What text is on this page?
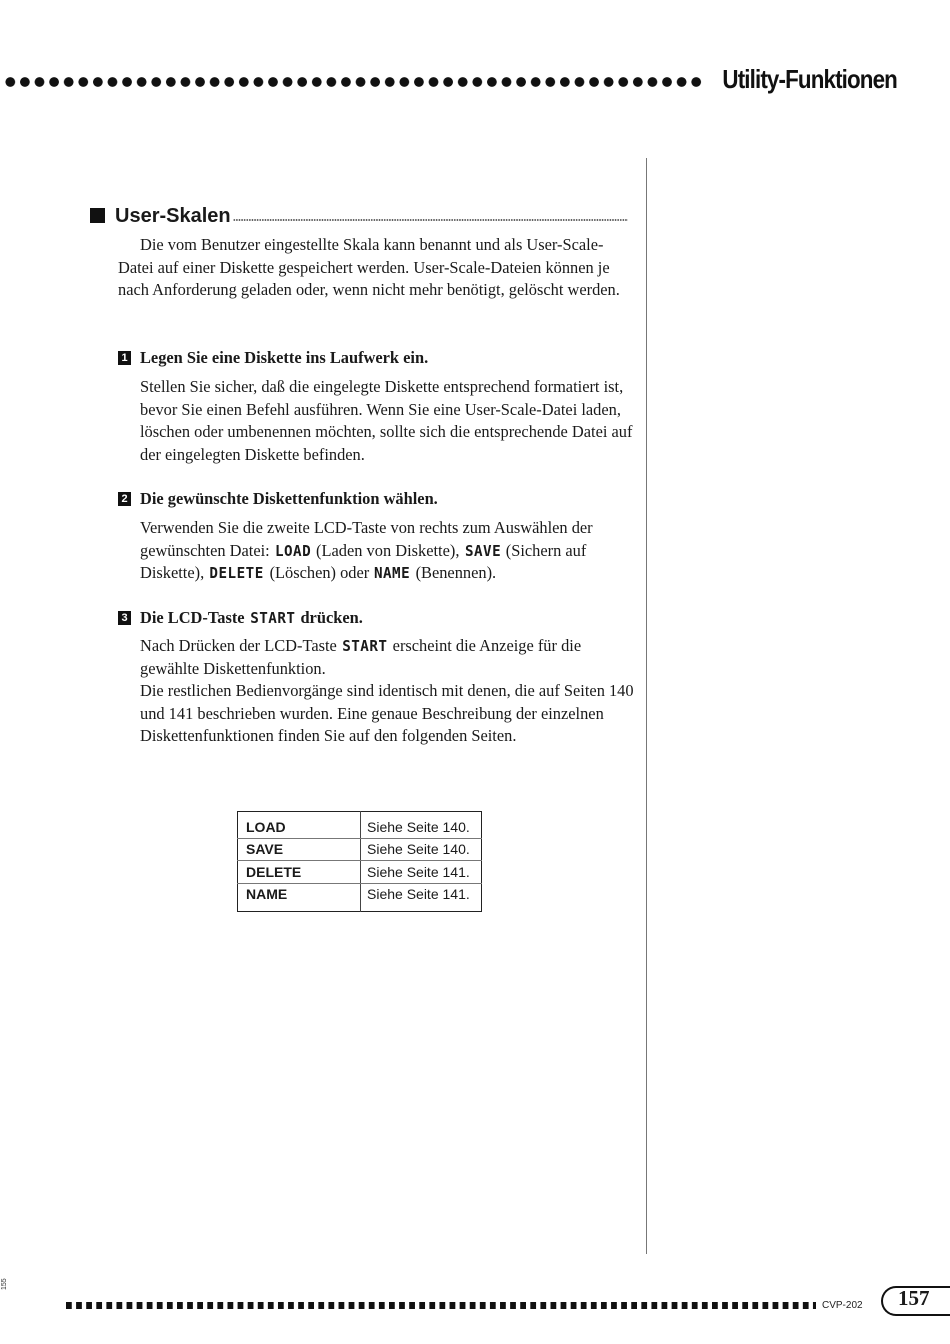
Utility-Funktionen
User-Skalen

Die vom Benutzer eingestellte Skala kann benannt und als User-Scale-Datei auf einer Diskette gespeichert werden. User-Scale-Dateien können je nach Anforderung geladen oder, wenn nicht mehr benötigt, gelöscht werden.

1 Legen Sie eine Diskette ins Laufwerk ein.

Stellen Sie sicher, daß die eingelegte Diskette entsprechend formatiert ist, bevor Sie einen Befehl ausführen. Wenn Sie eine User-Scale-Datei laden, löschen oder umbenennen möchten, sollte sich die entsprechende Datei auf der eingelegten Diskette befinden.

2 Die gewünschte Diskettenfunktion wählen.

Verwenden Sie die zweite LCD-Taste von rechts zum Auswählen der gewünschten Datei: LOAD (Laden von Diskette), SAVE (Sichern auf Diskette), DELETE (Löschen) oder NAME (Benennen).

3 Die LCD-Taste
START
drücken.

Nach Drücken der LCD-Taste START erscheint die Anzeige für die gewählte Diskettenfunktion.
Die restlichen Bedienvorgänge sind identisch mit denen, die auf Seiten 140 und 141 beschrieben wurden. Eine genaue Beschreibung der einzelnen Diskettenfunktionen finden Sie auf den folgenden Seiten.

LOAD	Siehe Seite 140.
SAVE	Siehe Seite 140.
DELETE	Siehe Seite 141.
NAME	Siehe Seite 141.
155
CVP-202 157
